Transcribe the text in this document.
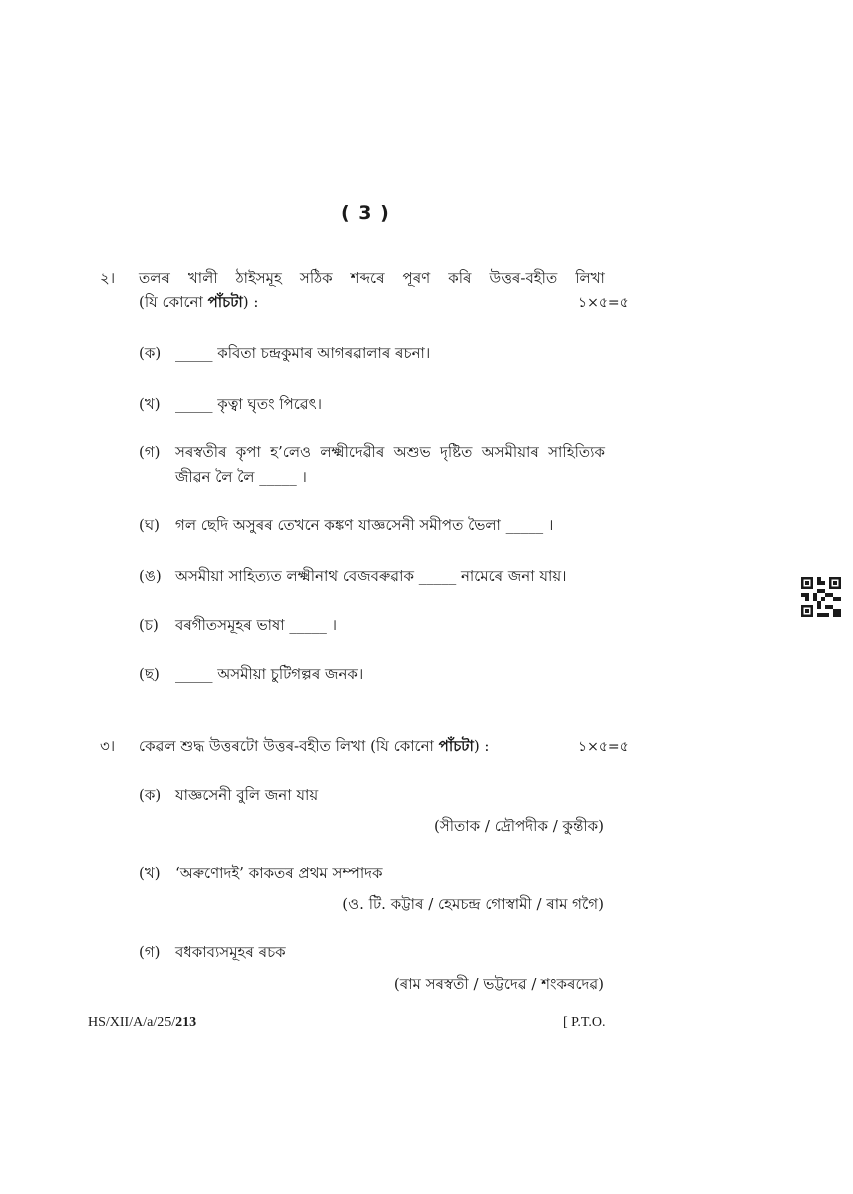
( 3 )
২। তলৰ খালী ঠাইসমূহ সঠিক শব্দৰে পূৰণ কৰি উত্তৰ-বহীত লিখা
(যি কোনো পাঁচটা) :	১×৫=৫
(ক) _____ কবিতা চন্দ্ৰকুমাৰ আগৰৱালাৰ ৰচনা।
(খ) _____ কৃত্বা ঘৃতং পিৱেৎ।
(গ) সৰস্বতীৰ কৃপা হ’লেও লক্ষ্মীদেৱীৰ অশুভ দৃষ্টিত অসমীয়াৰ সাহিত্যিক
জীৱন লৈ লৈ _____ ।
(ঘ) গল ছেদি অসুৰৰ তেখনে কঙ্কণ যাজ্ঞসেনী সমীপত ভৈলা _____ ।
(ঙ) অসমীয়া সাহিত্যত লক্ষ্মীনাথ বেজবৰুৱাক _____ নামেৰে জনা যায়।
(চ) বৰগীতসমূহৰ ভাষা _____ ।
(ছ) _____ অসমীয়া চুটিগল্পৰ জনক।
৩। কেৱল শুদ্ধ উত্তৰটো উত্তৰ-বহীত লিখা (যি কোনো পাঁচটা) :	১×৫=৫
(ক) যাজ্ঞসেনী বুলি জনা যায়
(সীতাক / দ্ৰৌপদীক / কুন্তীক)
(খ) ‘অৰুণোদই’ কাকতৰ প্ৰথম সম্পাদক
(ও. টি. কট্টাৰ / হেমচন্দ্ৰ গোস্বামী / ৰাম গগৈ)
(গ) বধকাব্যসমূহৰ ৰচক
(ৰাম সৰস্বতী / ভট্টদেৱ / শংকৰদেৱ)
HS/XII/A/a/25/213	[ P.T.O.
